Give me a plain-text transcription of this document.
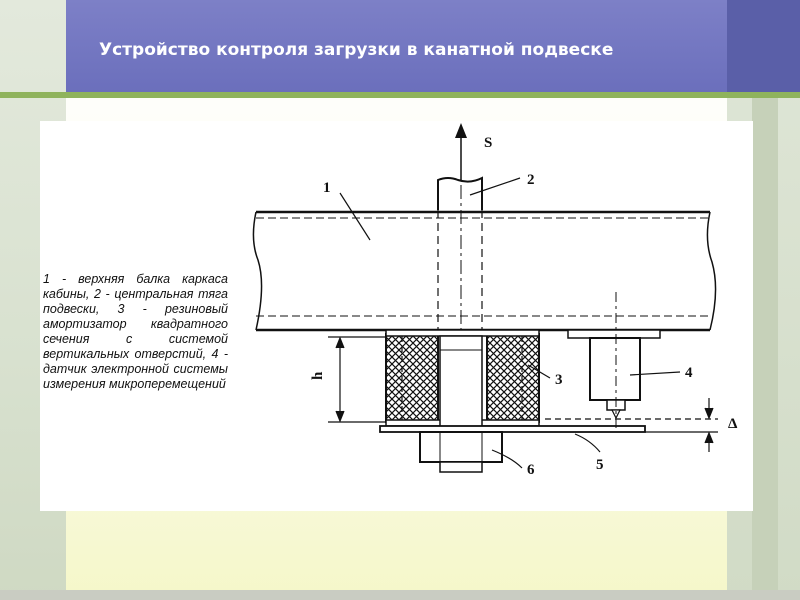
Устройство контроля загрузки в канатной подвеске

1 - верхняя балка каркаса кабины, 2 - центральная тяга подвески, 3 - резиновый амортизатор квадратного сечения с системой вертикальных отверстий, 4 - датчик электронной системы измерения микроперемещений

S
1	2
3	4
5
6
h
Δ
